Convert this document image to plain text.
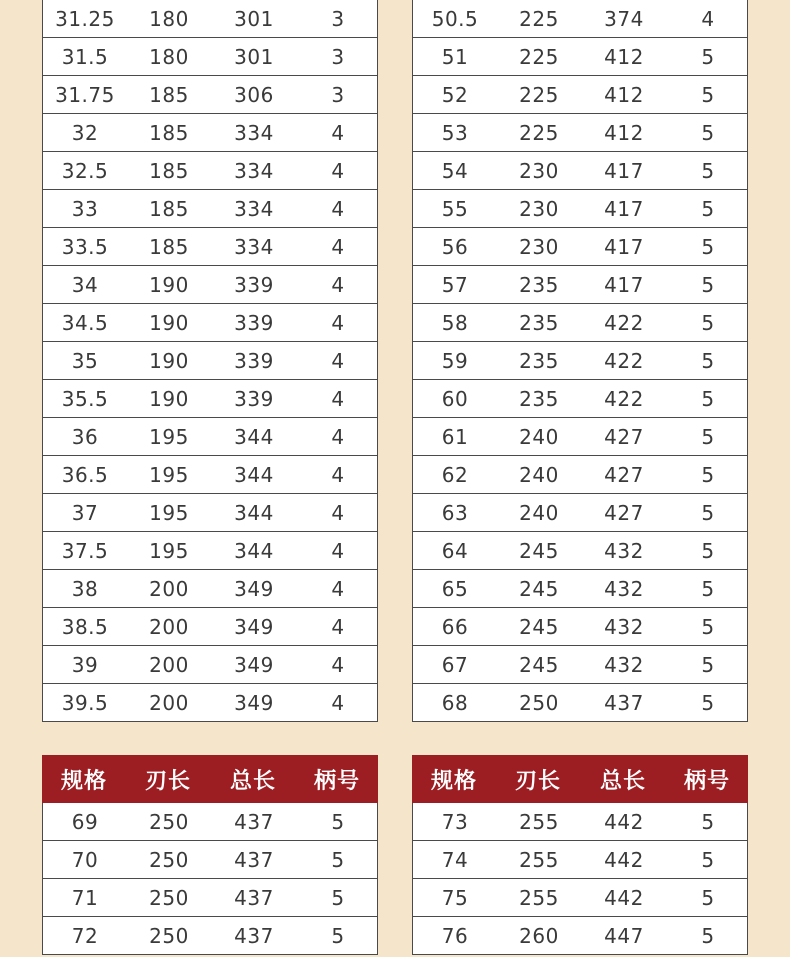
31.25	180	301	3
31.5	180	301	3
31.75	185	306	3
32	185	334	4
32.5	185	334	4
33	185	334	4
33.5	185	334	4
34	190	339	4
34.5	190	339	4
35	190	339	4
35.5	190	339	4
36	195	344	4
36.5	195	344	4
37	195	344	4
37.5	195	344	4
38	200	349	4
38.5	200	349	4
39	200	349	4
39.5	200	349	4
50.5	225	374	4
51	225	412	5
52	225	412	5
53	225	412	5
54	230	417	5
55	230	417	5
56	230	417	5
57	235	417	5
58	235	422	5
59	235	422	5
60	235	422	5
61	240	427	5
62	240	427	5
63	240	427	5
64	245	432	5
65	245	432	5
66	245	432	5
67	245	432	5
68	250	437	5
规格	刃长	总长	柄号
69	250	437	5
70	250	437	5
71	250	437	5
72	250	437	5
规格	刃长	总长	柄号
73	255	442	5
74	255	442	5
75	255	442	5
76	260	447	5
